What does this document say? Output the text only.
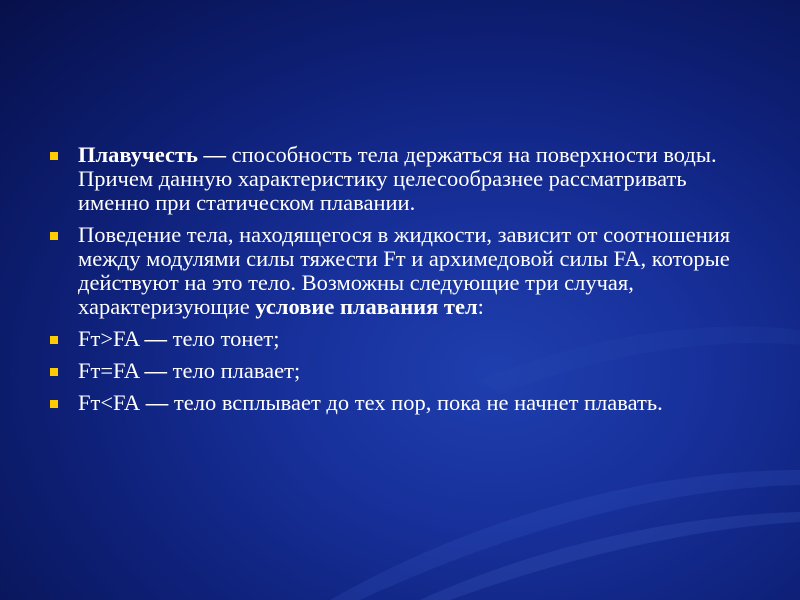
Плавучесть — способность тела держаться на поверхности воды. Причем данную характеристику целесообразнее рассматривать именно при статическом плавании.
Поведение тела, находящегося в жидкости, зависит от соотношения между модулями силы тяжести Fт и архимедовой силы FA, которые действуют на это тело. Возможны следующие три случая, характеризующие условие плавания тел:
Fт>FA — тело тонет;
Fт=FA — тело плавает;
Fт<FA — тело всплывает до тех пор, пока не начнет плавать.
